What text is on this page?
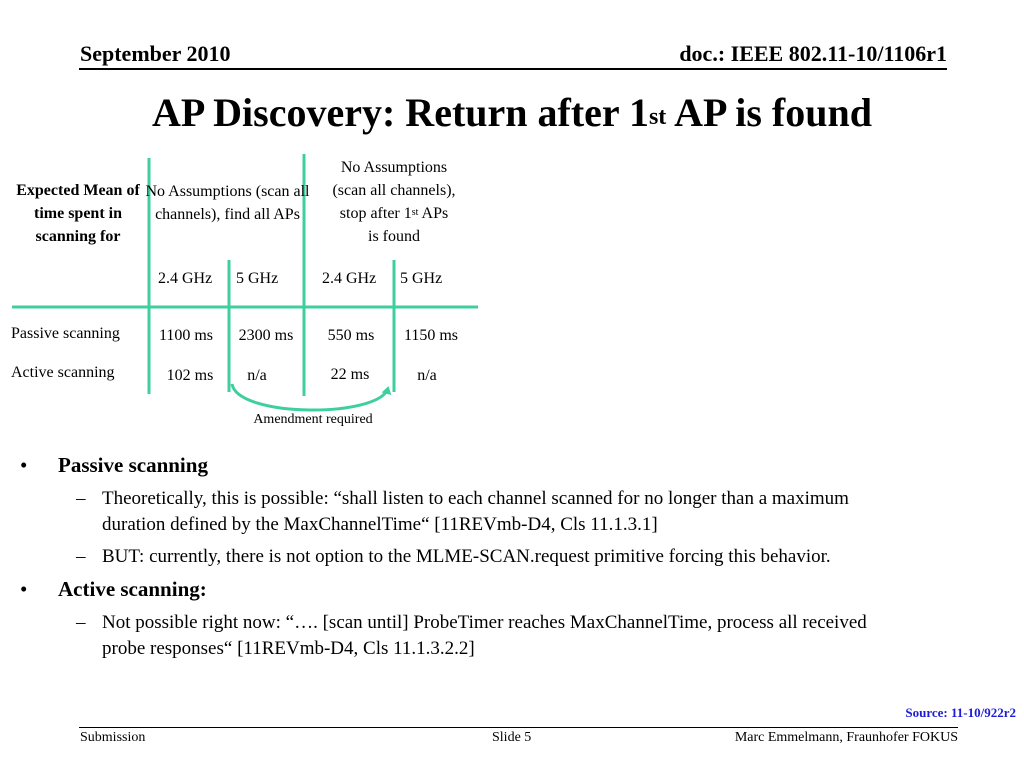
September 2010	doc.: IEEE 802.11-10/1106r1
AP Discovery: Return after 1st AP is found
Expected Mean of time spent in scanning for
No Assumptions (scan all channels), find all APs
No Assumptions
(scan all channels),
stop after 1st APs
is found
2.4 GHz 5 GHz	2.4 GHz 5 GHz
Passive scanning	1100 ms	2300 ms	550 ms	1150 ms
Active scanning	102 ms	n/a	22 ms	n/a
Amendment required
• Passive scanning
– Theoretically, this is possible: “shall listen to each channel scanned for no longer than a maximum duration defined by the MaxChannelTime“ [11REVmb-D4, Cls 11.1.3.1]
– BUT: currently, there is not option to the MLME-SCAN.request primitive forcing this behavior.
• Active scanning:
– Not possible right now: “…. [scan until] ProbeTimer reaches MaxChannelTime, process all received probe responses“ [11REVmb-D4, Cls 11.1.3.2.2]
Source: 11-10/922r2
Submission	Slide 5	Marc Emmelmann, Fraunhofer FOKUS
